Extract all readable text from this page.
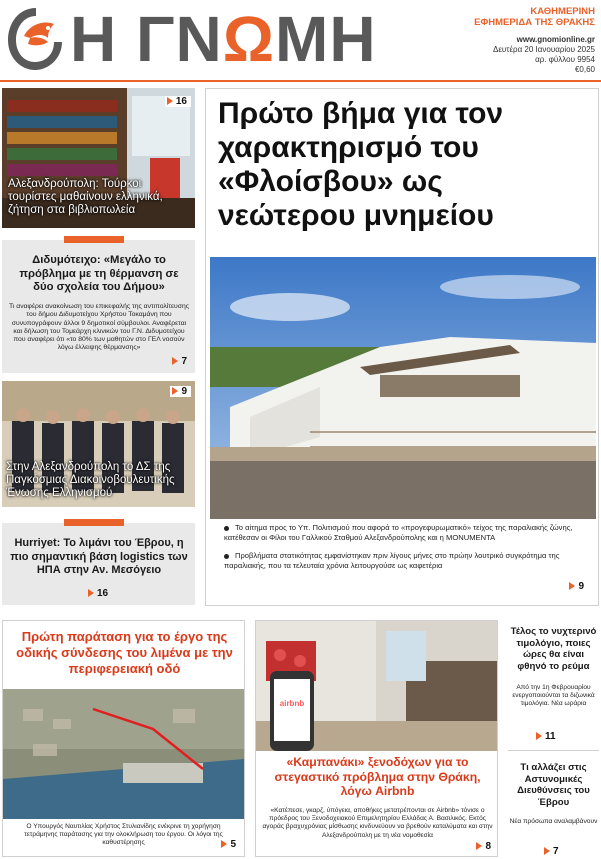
Η ΓΝΩΜΗ	ΚΑΘΗΜΕΡΙΝΗ
ΕΦΗΜΕΡΙΔΑ ΤΗΣ ΘΡΑΚΗΣ
www.gnomionline.gr
Δευτέρα 20 Ιανουαρίου 2025
αρ. φύλλου 9954
€0,60
16
Αλεξανδρούπολη: Τούρκοι τουρίστες μαθαίνουν ελληνικά, ζήτηση στα βιβλιοπωλεία
Διδυμότειχο: «Μεγάλο το πρόβλημα με τη θέρμανση σε δύο σχολεία του Δήμου»
Τι αναφέρει ανακοίνωση του επικεφαλής της αντιπολίτευσης του δήμου Διδυμοτείχου Χρήστου Τοκαμάνη που συνυπογράφουν άλλοι 9 δημοτικοί σύμβουλοι. Αναφέρεται και δήλωση του Τομεάρχη κλινικών του Γ.Ν. Διδυμοτείχου που αναφέρει ότι «το 80% των μαθητών στο ΓΕΛ νοσούν λόγω έλλειψης θέρμανσης»
7
9
Στην Αλεξανδρούπολη το ΔΣ της Παγκόσμιας Διακοινοβουλευτικής Ένωσης Ελληνισμού
Hurriyet: Το λιμάνι του Έβρου, η πιο σημαντική βάση logistics των ΗΠΑ στην Αν. Μεσόγειο
16
Πρώτο βήμα για τον χαρακτηρισμό του «Φλοίσβου» ως νεώτερου μνημείου
Το αίτημα προς το Υπ. Πολιτισμού που αφορά το «προγεφυρωματικό» τείχος της παραλιακής ζώνης, κατέθεσαν οι Φίλοι του Γαλλικού Σταθμού Αλεξανδρούπολης και η MONUMENTA
Προβλήματα στατικότητας εμφανίστηκαν πριν λίγους μήνες στο πρώην λουτρικό συγκρότημα της παραλιακής, που τα τελευταία χρόνια λειτουργούσε ως καφετέρια
9
Πρώτη παράταση για το έργο της οδικής σύνδεσης του λιμένα με την περιφερειακή οδό
Ο Υπουργός Ναυτιλίας Χρήστος Στυλιανίδης ενέκρινε τη χορήγηση τετράμηνης παράτασης για την ολοκλήρωση του έργου. Οι λόγοι της καθυστέρησης	5
airbnb
«Καμπανάκι» ξενοδόχων για το στεγαστικό πρόβλημα στην Θράκη, λόγω Airbnb
«Κατέπεσε, γκαρζ, ύπόγεια, αποθήκες μετατρέπονται σε Airbnb» τόνισε ο πρόεδρος του Ξενοδοχειακού Επιμελητηρίου Ελλάδας Α. Βασιλικός. Εκτός αγοράς βραχυχρόνιας μίσθωσης κινδυνεύουν να βρεθούν καταλύματα και στην Αλεξανδρούπολη με τη νέα νομοθεσία
8
Τέλος το νυχτερινό τιμολόγιο, ποιες ώρες θα είναι φθηνό το ρεύμα
Από την 1η Φεβρουαρίου ενεργοποιούνται τα διζωνικά τιμολόγια. Νέα ωράρια
11
Τι αλλάζει στις Αστυνομικές Διευθύνσεις του Έβρου
Νέα πρόσωπα αναλαμβάνουν
7
